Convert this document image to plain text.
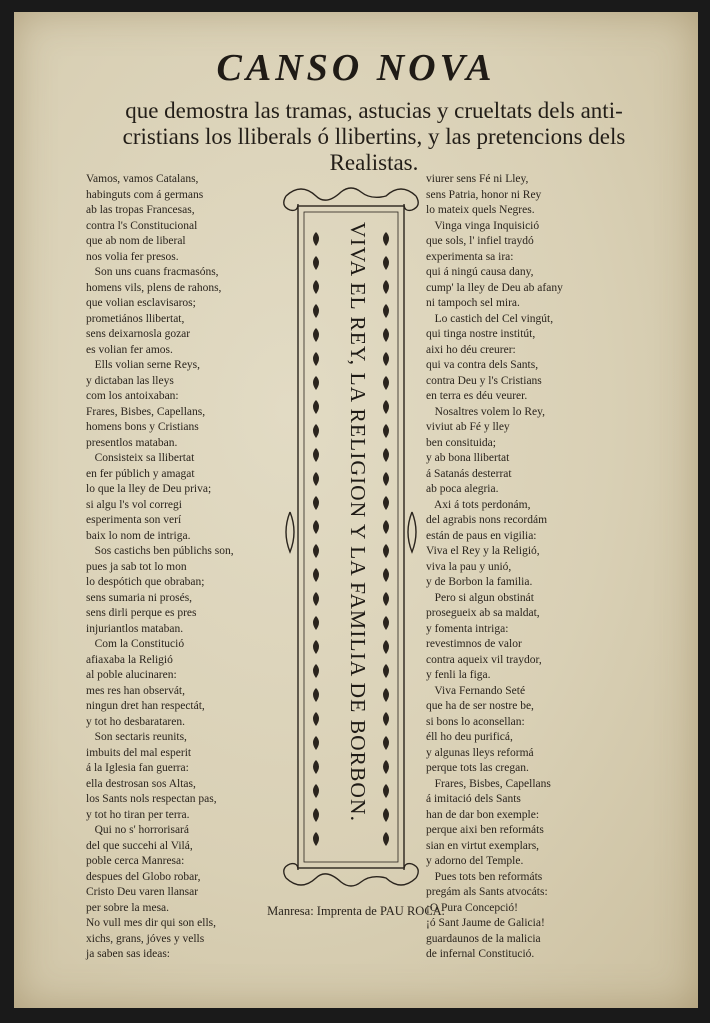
CANSO NOVA
que demostra las tramas, astucias y crueltats dels anti-cristians los lliberals ó llibertins, y las pretencions dels Realistas.
Vamos, vamos Catalans,
habinguts com á germans
ab las tropas Francesas,
contra l's Constitucional
que ab nom de liberal
nos volia fer presos.
Son uns cuans fracmasóns,
homens vils, plens de rahons,
que volian esclavisaros;
prometiános llibertat,
sens deixarnosla gozar
es volian fer amos.
Ells volian serne Reys,
y dictaban las lleys
com los antoixaban:
Frares, Bisbes, Capellans,
homens bons y Cristians
presentlos mataban.
Consisteix sa llibertat
en fer públich y amagat
lo que la lley de Deu priva;
si algu l's vol corregi
esperimenta son verí
baix lo nom de intriga.
Sos castichs ben públichs son,
pues ja sab tot lo mon
lo despótich que obraban;
sens sumaria ni prosés,
sens dirli perque es pres
injuriantlos mataban.
Com la Constitució
afiaxaba la Religió
al poble alucinaren:
mes res han observát,
ningun dret han respectát,
y tot ho desbarataren.
Son sectaris reunits,
imbuits del mal esperit
á la Iglesia fan guerra:
ella destrosan sos Altas,
los Sants nols respectan pas,
y tot ho tiran per terra.
Qui no s' horrorisará
del que succehi al Vilá,
poble cerca Manresa:
despues del Globo robar,
Cristo Deu varen llansar
per sobre la mesa.
No vull mes dir qui son ells,
xichs, grans, jóves y vells
ja saben sas ideas:
VIVA EL REY, LA RELIGION Y LA FAMILIA DE BORBON.
viurer sens Fé ni Lley,
sens Patria, honor ni Rey
lo mateix quels Negres.
Vinga vinga Inquisició
que sols, l' infiel traydó
experimenta sa ira:
qui á ningú causa dany,
cump' la lley de Deu ab afany
ni tampoch sel mira.
Lo castich del Cel vingút,
qui tinga nostre institút,
aixi ho déu creurer:
qui va contra dels Sants,
contra Deu y l's Cristians
en terra es déu veurer.
Nosaltres volem lo Rey,
viviut ab Fé y lley
ben consituida;
y ab bona llibertat
á Satanás desterrat
ab poca alegria.
Axi á tots perdonám,
del agrabis nons recordám
están de paus en vigilia:
Viva el Rey y la Religió,
viva la pau y unió,
y de Borbon la familia.
Pero si algun obstinát
prosegueix ab sa maldat,
y fomenta intriga:
revestimnos de valor
contra aqueix vil traydor,
y fenli la figa.
Viva Fernando Seté
que ha de ser nostre be,
si bons lo aconsellan:
éll ho deu purificá,
y algunas lleys reformá
perque tots las cregan.
Frares, Bisbes, Capellans
á imitació dels Sants
han de dar bon exemple:
perque aixi ben reformáts
sian en virtut exemplars,
y adorno del Temple.
Pues tots ben reformáts
pregám als Sants atvocáts:
¡O Pura Concepció!
¡ó Sant Jaume de Galicia!
guardaunos de la malicia
de infernal Constitució.
Manresa: Imprenta de PAU ROCA.
